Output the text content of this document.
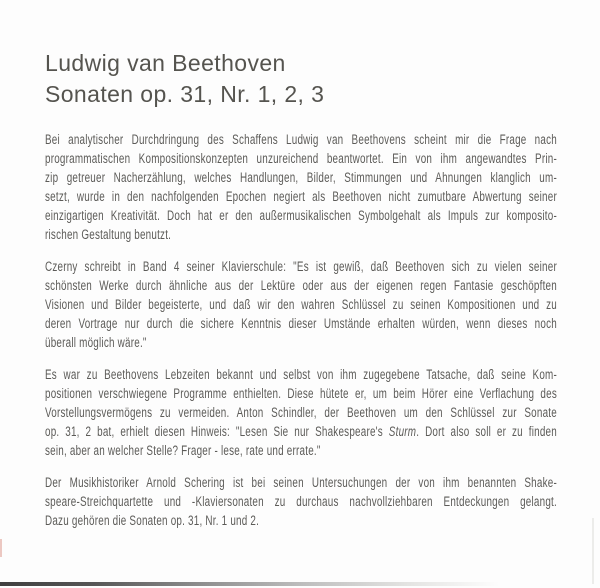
Ludwig van Beethoven
Sonaten op. 31, Nr. 1, 2, 3

Bei analytischer Durchdringung des Schaffens Ludwig van Beethovens scheint mir die Frage nach
programmatischen Kompositionskonzepten unzureichend beantwortet. Ein von ihm angewandtes Prin-
zip getreuer Nacherzählung, welches Handlungen, Bilder, Stimmungen und Ahnungen klanglich um-
setzt, wurde in den nachfolgenden Epochen negiert als Beethoven nicht zumutbare Abwertung seiner
einzigartigen Kreativität. Doch hat er den außermusikalischen Symbolgehalt als Impuls zur komposito-
rischen Gestaltung benutzt.

Czerny schreibt in Band 4 seiner Klavierschule: "Es ist gewiß, daß Beethoven sich zu vielen seiner
schönsten Werke durch ähnliche aus der Lektüre oder aus der eigenen regen Fantasie geschöpften
Visionen und Bilder begeisterte, und daß wir den wahren Schlüssel zu seinen Kompositionen und zu
deren Vortrage nur durch die sichere Kenntnis dieser Umstände erhalten würden, wenn dieses noch
überall möglich wäre."

Es war zu Beethovens Lebzeiten bekannt und selbst von ihm zugegebene Tatsache, daß seine Kom-
positionen verschwiegene Programme enthielten. Diese hütete er, um beim Hörer eine Verflachung des
Vorstellungsvermögens zu vermeiden. Anton Schindler, der Beethoven um den Schlüssel zur Sonate
op. 31, 2 bat, erhielt diesen Hinweis: "Lesen Sie nur Shakespeare's Sturm. Dort also soll er zu finden
sein, aber an welcher Stelle? Frager - lese, rate und errate."

Der Musikhistoriker Arnold Schering ist bei seinen Untersuchungen der von ihm benannten Shake-
speare-Streichquartette und -Klaviersonaten zu durchaus nachvollziehbaren Entdeckungen gelangt.
Dazu gehören die Sonaten op. 31, Nr. 1 und 2.
